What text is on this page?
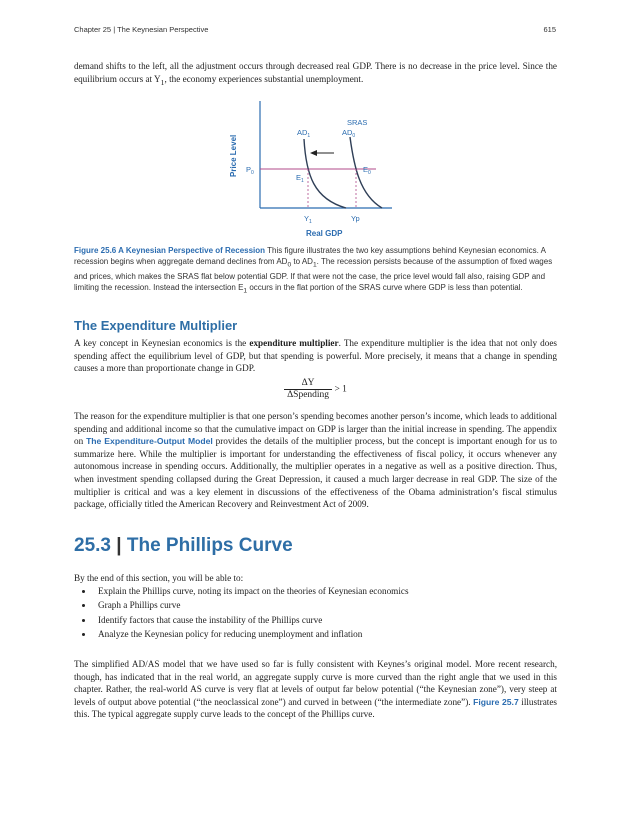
Chapter 25 | The Keynesian Perspective	615

demand shifts to the left, all the adjustment occurs through decreased real GDP. There is no decrease in the price level. Since the equilibrium occurs at $Y_1$, the economy experiences substantial unemployment.

Price Level
Real GDP
SRAS
$AD_1$	$AD_0$
$P_0$	$E_1$
$E_0$
$Y_1$	Yp

Figure 25.6 A Keynesian Perspective of Recession This figure illustrates the two key assumptions behind Keynesian economics. A recession begins when aggregate demand declines from $AD_0$ to $AD_1$. The recession persists because of the assumption of fixed wages and prices, which makes the SRAS flat below potential GDP. If that were not the case, the price level would fall also, raising GDP and limiting the recession. Instead the intersection $E_1$ occurs in the flat portion of the SRAS curve where GDP is less than potential.

The Expenditure Multiplier

A key concept in Keynesian economics is the expenditure multiplier. The expenditure multiplier is the idea that not only does spending affect the equilibrium level of GDP, but that spending is powerful. More precisely, it means that a change in spending causes a more than proportionate change in GDP.

$\frac{\Delta Y}{\text{ΔSpending}} > 1$

The reason for the expenditure multiplier is that one person’s spending becomes another person’s income, which leads to additional spending and additional income so that the cumulative impact on GDP is larger than the initial increase in spending. The appendix on The Expenditure-Output Model provides the details of the multiplier process, but the concept is important enough for us to summarize here. While the multiplier is important for understanding the effectiveness of fiscal policy, it occurs whenever any autonomous increase in spending occurs. Additionally, the multiplier operates in a negative as well as a positive direction. Thus, when investment spending collapsed during the Great Depression, it caused a much larger decrease in real GDP. The size of the multiplier is critical and was a key element in discussions of the effectiveness of the Obama administration’s fiscal stimulus package, officially titled the American Recovery and Reinvestment Act of 2009.

25.3 | The Phillips Curve

By the end of this section, you will be able to:

• Explain the Phillips curve, noting its impact on the theories of Keynesian economics
• Graph a Phillips curve
• Identify factors that cause the instability of the Phillips curve
• Analyze the Keynesian policy for reducing unemployment and inflation

The simplified AD/AS model that we have used so far is fully consistent with Keynes’s original model. More recent research, though, has indicated that in the real world, an aggregate supply curve is more curved than the right angle that we used in this chapter. Rather, the real-world AS curve is very flat at levels of output far below potential (“the Keynesian zone”), very steep at levels of output above potential (“the neoclassical zone”) and curved in between (“the intermediate zone”). Figure 25.7 illustrates this. The typical aggregate supply curve leads to the concept of the Phillips curve.
